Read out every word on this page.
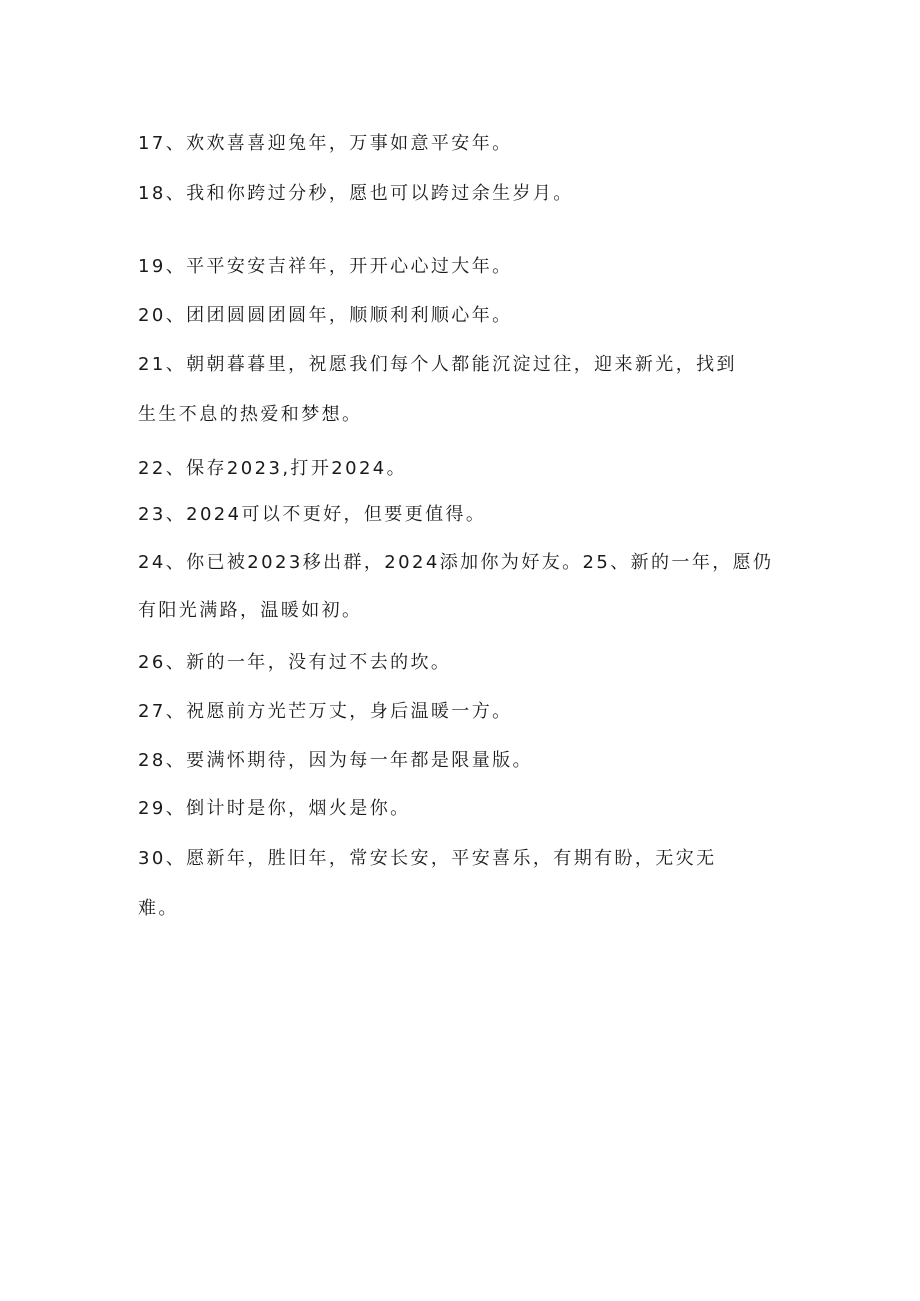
17、欢欢喜喜迎兔年，万事如意平安年。
18、我和你跨过分秒，愿也可以跨过余生岁月。
19、平平安安吉祥年，开开心心过大年。
20、团团圆圆团圆年，顺顺利利顺心年。
21、朝朝暮暮里，祝愿我们每个人都能沉淀过往，迎来新光，找到
生生不息的热爱和梦想。
22、保存2023,打开2024。
23、2024可以不更好，但要更值得。
24、你已被2023移出群，2024添加你为好友。25、新的一年，愿仍
有阳光满路，温暖如初。
26、新的一年，没有过不去的坎。
27、祝愿前方光芒万丈，身后温暖一方。
28、要满怀期待，因为每一年都是限量版。
29、倒计时是你，烟火是你。
30、愿新年，胜旧年，常安长安，平安喜乐，有期有盼，无灾无
难。
